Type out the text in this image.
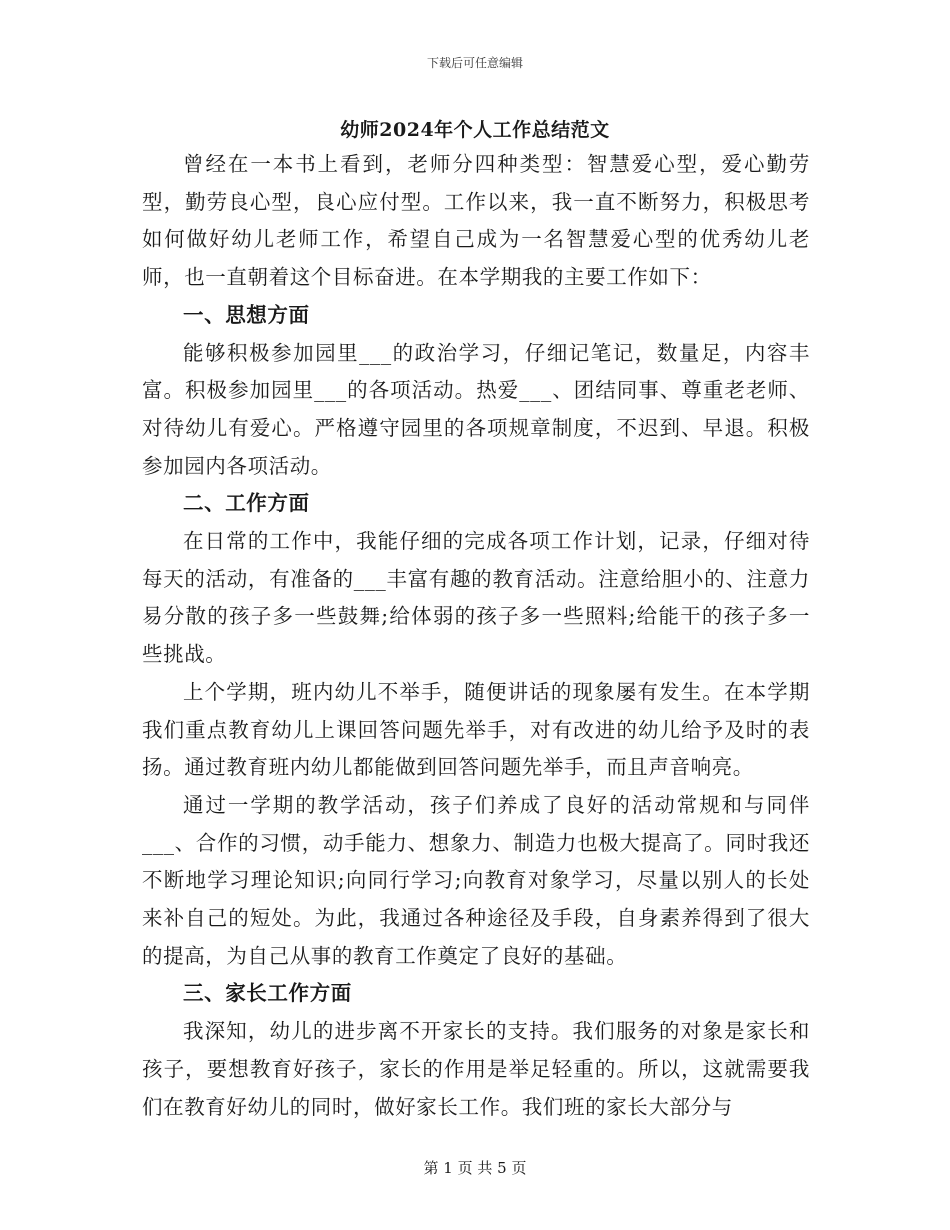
下载后可任意编辑
幼师2024年个人工作总结范文

曾经在一本书上看到，老师分四种类型：智慧爱心型，爱心勤劳型，勤劳良心型，良心应付型。工作以来，我一直不断努力，积极思考如何做好幼儿老师工作，希望自己成为一名智慧爱心型的优秀幼儿老师，也一直朝着这个目标奋进。在本学期我的主要工作如下：

一、思想方面

能够积极参加园里___的政治学习，仔细记笔记，数量足，内容丰富。积极参加园里___的各项活动。热爱___、团结同事、尊重老老师、对待幼儿有爱心。严格遵守园里的各项规章制度，不迟到、早退。积极参加园内各项活动。

二、工作方面

在日常的工作中，我能仔细的完成各项工作计划，记录，仔细对待每天的活动，有准备的___丰富有趣的教育活动。注意给胆小的、注意力易分散的孩子多一些鼓舞;给体弱的孩子多一些照料;给能干的孩子多一些挑战。

上个学期，班内幼儿不举手，随便讲话的现象屡有发生。在本学期我们重点教育幼儿上课回答问题先举手，对有改进的幼儿给予及时的表扬。通过教育班内幼儿都能做到回答问题先举手，而且声音响亮。

通过一学期的教学活动，孩子们养成了良好的活动常规和与同伴___、合作的习惯，动手能力、想象力、制造力也极大提高了。同时我还不断地学习理论知识;向同行学习;向教育对象学习，尽量以别人的长处来补自己的短处。为此，我通过各种途径及手段，自身素养得到了很大的提高，为自己从事的教育工作奠定了良好的基础。

三、家长工作方面

我深知，幼儿的进步离不开家长的支持。我们服务的对象是家长和孩子，要想教育好孩子，家长的作用是举足轻重的。所以，这就需要我们在教育好幼儿的同时，做好家长工作。我们班的家长大部分与

第 1 页 共 5 页
